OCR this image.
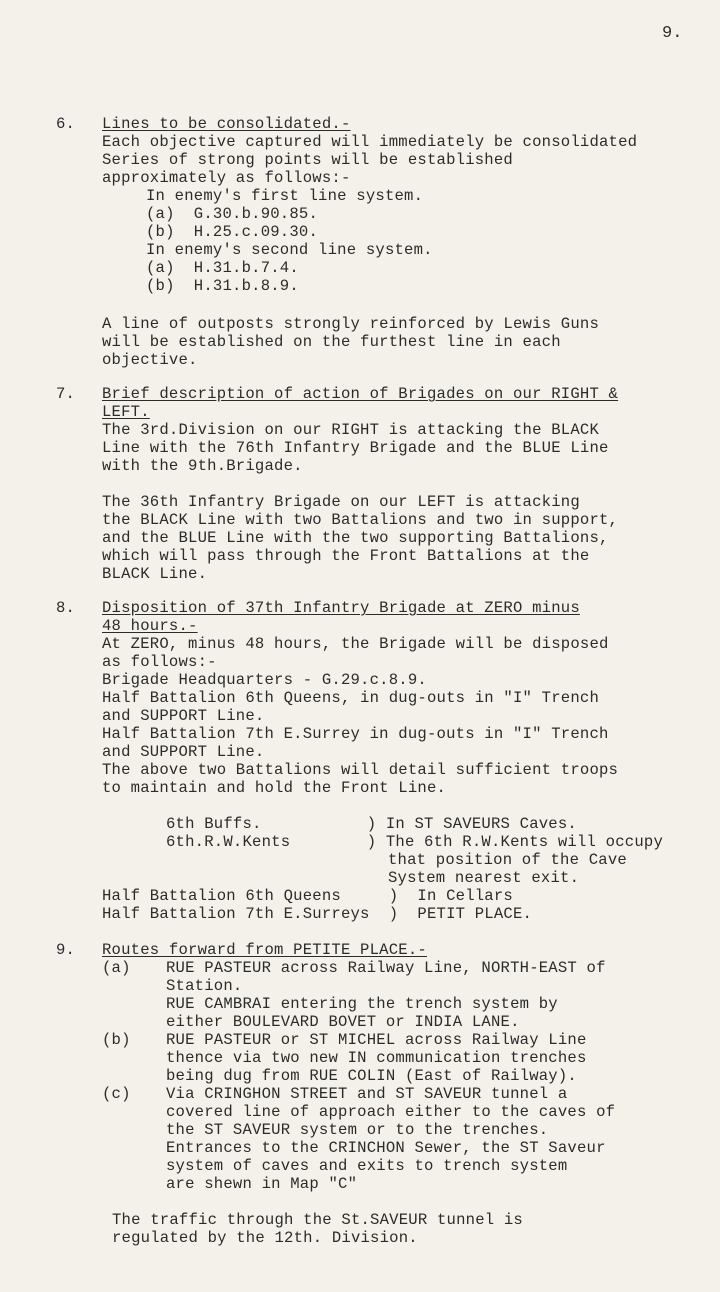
9.
6. Lines to be consolidated.-
Each objective captured will immediately be consolidated
Series of strong points will be established
approximately as follows:-
In enemy's first line system.
(a)  G.30.b.90.85.
(b)  H.25.c.09.30.
In enemy's second line system.
(a)  H.31.b.7.4.
(b)  H.31.b.8.9.
A line of outposts strongly reinforced by Lewis Guns
will be established on the furthest line in each
objective.
7. Brief description of action of Brigades on our RIGHT &
LEFT.
The 3rd.Division on our RIGHT is attacking the BLACK
Line with the 76th Infantry Brigade and the BLUE Line
with the 9th.Brigade.
The 36th Infantry Brigade on our LEFT is attacking
the BLACK Line with two Battalions and two in support,
and the BLUE Line with the two supporting Battalions,
which will pass through the Front Battalions at the
BLACK Line.
8. Disposition of 37th Infantry Brigade at ZERO minus
48 hours.-
At ZERO, minus 48 hours, the Brigade will be disposed
as follows:-
Brigade Headquarters - G.29.c.8.9.
Half Battalion 6th Queens, in dug-outs in "I" Trench
and SUPPORT Line.
Half Battalion 7th E.Surrey in dug-outs in "I" Trench
and SUPPORT Line.
The above two Battalions will detail sufficient troops
to maintain and hold the Front Line.
6th Buffs.           ) In ST SAVEURS Caves.
6th.R.W.Kents        ) The 6th R.W.Kents will occupy
that position of the Cave
System nearest exit.
Half Battalion 6th Queens     )  In Cellars
Half Battalion 7th E.Surreys  )  PETIT PLACE.
9. Routes forward from PETITE PLACE.-
(a) RUE PASTEUR across Railway Line, NORTH-EAST of
Station.
RUE CAMBRAI entering the trench system by
either BOULEVARD BOVET or INDIA LANE.
(b) RUE PASTEUR or ST MICHEL across Railway Line
thence via two new IN communication trenches
being dug from RUE COLIN (East of Railway).
(c) Via CRINGHON STREET and ST SAVEUR tunnel a
covered line of approach either to the caves of
the ST SAVEUR system or to the trenches.
Entrances to the CRINCHON Sewer, the ST Saveur
system of caves and exits to trench system
are shewn in Map "C"
The traffic through the St.SAVEUR tunnel is
regulated by the 12th. Division.
